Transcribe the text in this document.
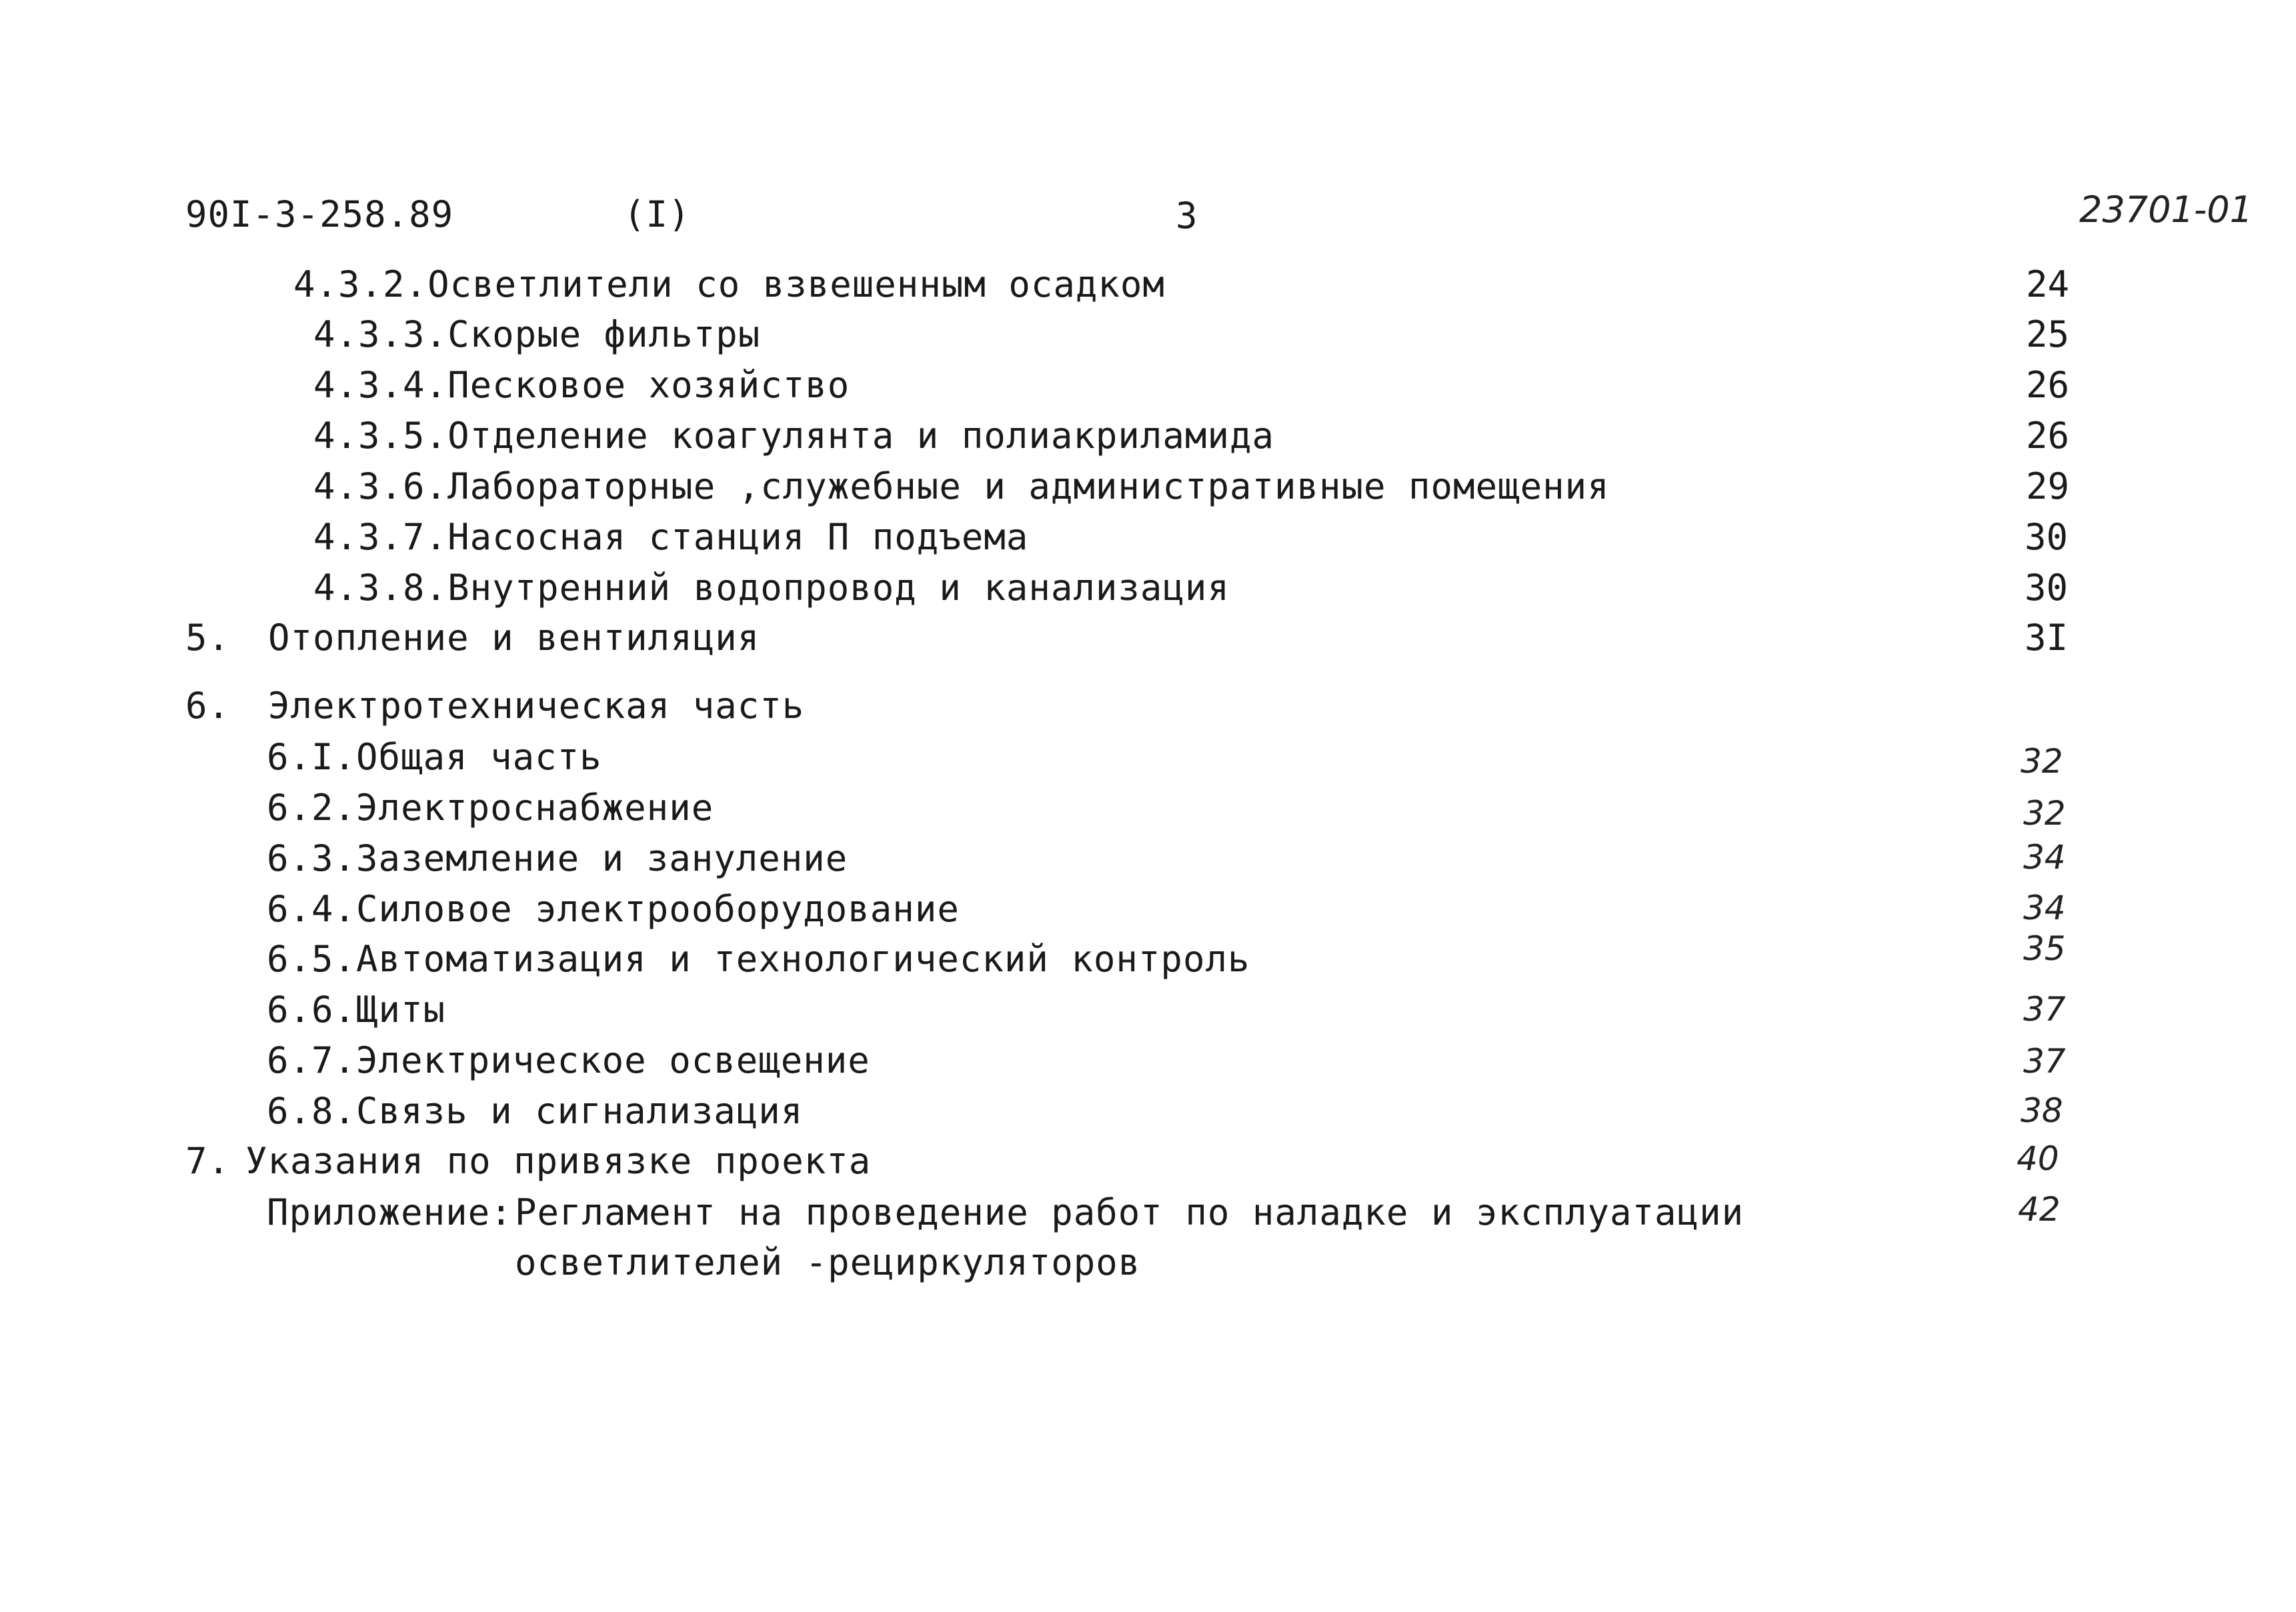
90I-3-258.89	(I)	3	23701-01
4.3.2.Осветлители со взвешенным осадком	24
4.3.3.Скорые фильтры	25
4.3.4.Песковое хозяйство	26
4.3.5.Отделение коагулянта и полиакриламида	26
4.3.6.Лабораторные ,служебные и административные помещения	29
4.3.7.Насосная станция П подъема	30
4.3.8.Внутренний водопровод и канализация	30
5. Отопление и вентиляция	3I
6. Электротехническая часть
6.I.Общая часть	32
6.2.Электроснабжение	32
6.3.Заземление и зануление	34
6.4.Силовое электрооборудование	34
6.5.Автоматизация и технологический контроль	35
6.6.Щиты	37
6.7.Электрическое освещение	37
6.8.Связь и сигнализация	38
7. Указания по привязке проекта	40
Приложение: Регламент на проведение работ по наладке и эксплуатации
осветлителей -рециркуляторов
42
